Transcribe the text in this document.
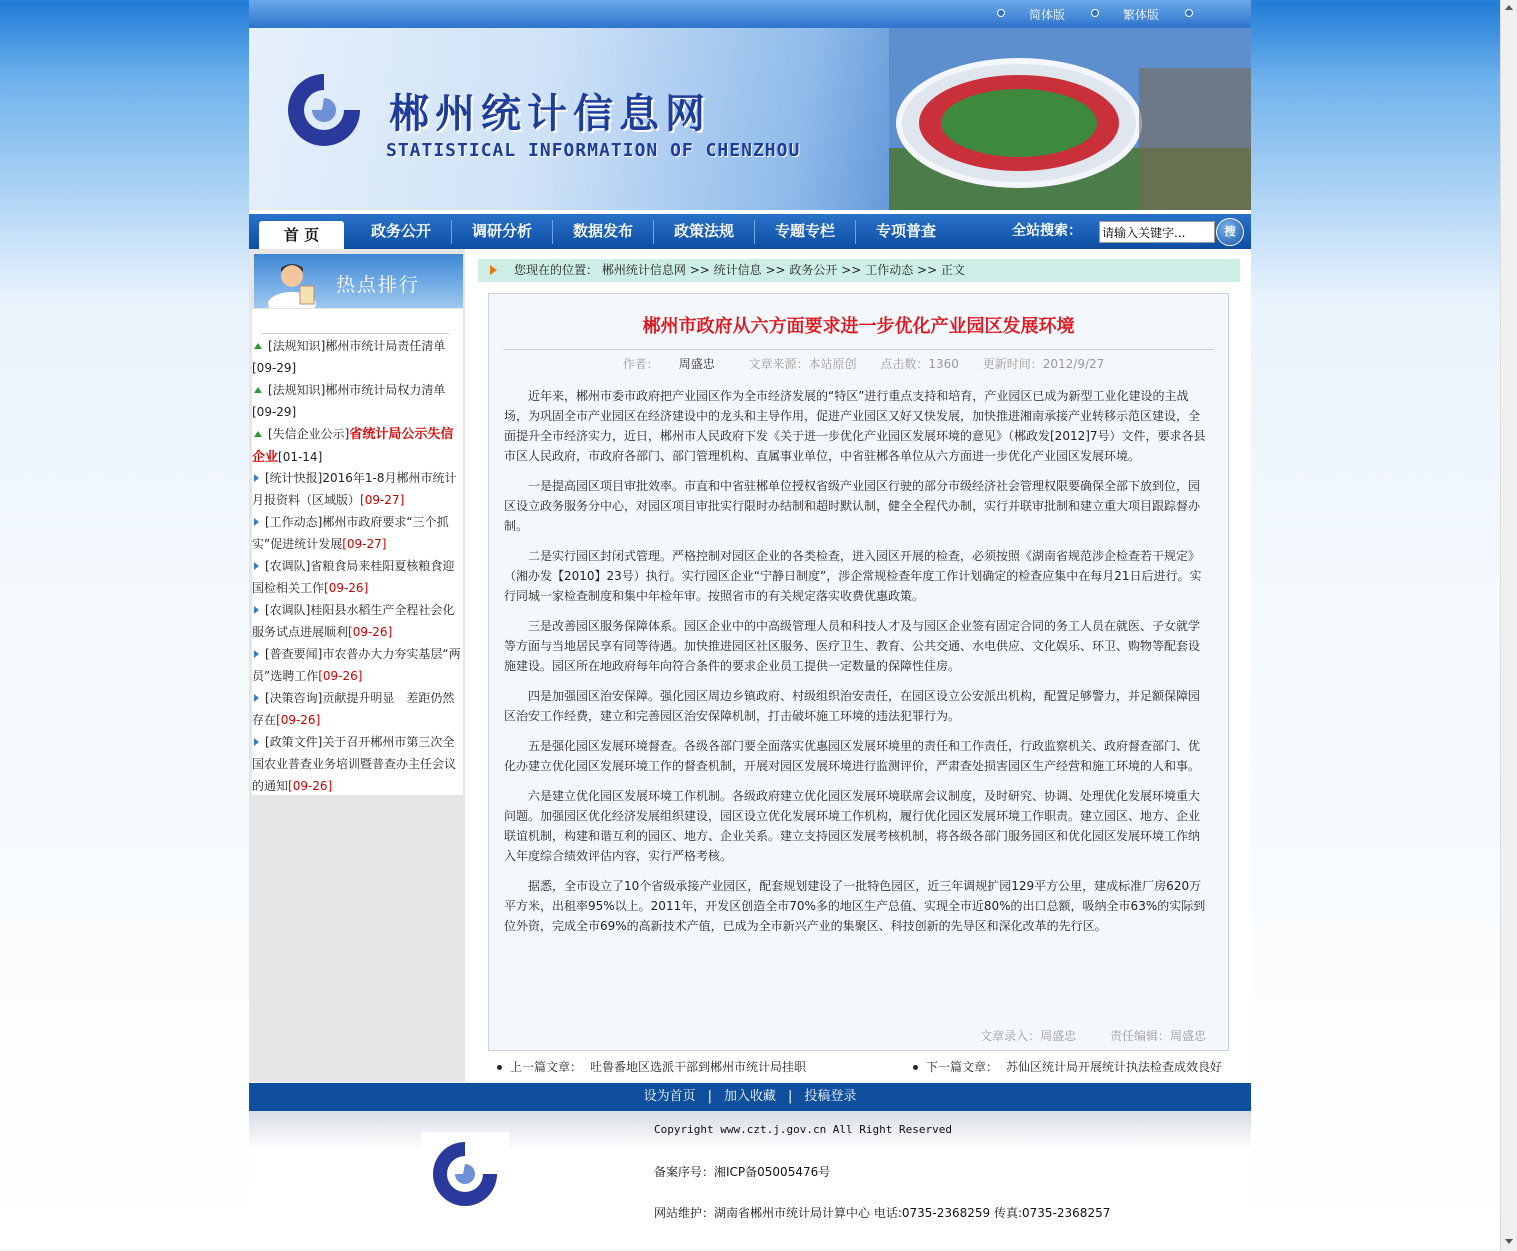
简体版	繁体版
郴州统计信息网
STATISTICAL INFORMATION OF CHENZHOU
首 页	政务公开	调研分析	数据发布	政策法规	专题专栏	专项普查	全站搜索：
请输入关键字...	搜
热点排行
[法规知识]郴州市统计局责任清单
[09-29]
[法规知识]郴州市统计局权力清单
[09-29]
[失信企业公示]省统计局公示失信企业[01-14]
[统计快报]2016年1-8月郴州市统计月报资料（区域版）[09-27]
[工作动态]郴州市政府要求“三个抓实”促进统计发展[09-27]
[农调队]省粮食局来桂阳夏核粮食迎国检相关工作[09-26]
[农调队]桂阳县水稻生产全程社会化服务试点进展顺利[09-26]
[普查要闻]市农普办大力夯实基层“两员”选聘工作[09-26]
[决策咨询]贡献提升明显　差距仍然存在[09-26]
[政策文件]关于召开郴州市第三次全国农业普查业务培训暨普查办主任会议的通知[09-26]
您现在的位置： 郴州统计信息网 >> 统计信息 >> 政务公开 >> 工作动态 >> 正文
郴州市政府从六方面要求进一步优化产业园区发展环境
作者： 周盛忠	文章来源：本站原创 点击数：1360 更新时间：2012/9/27

近年来，郴州市委市政府把产业园区作为全市经济发展的“特区”进行重点支持和培育，产业园区已成为新型工业化建设的主战场，为巩固全市产业园区在经济建设中的龙头和主导作用，促进产业园区又好又快发展，加快推进湘南承接产业转移示范区建设，全面提升全市经济实力，近日，郴州市人民政府下发《关于进一步优化产业园区发展环境的意见》（郴政发[2012]7号）文件，要求各县市区人民政府，市政府各部门、部门管理机构、直属事业单位，中省驻郴各单位从六方面进一步优化产业园区发展环境。

一是提高园区项目审批效率。市直和中省驻郴单位授权省级产业园区行驶的部分市级经济社会管理权限要确保全部下放到位，园区设立政务服务分中心，对园区项目审批实行限时办结制和超时默认制，健全全程代办制，实行并联审批制和建立重大项目跟踪督办制。

二是实行园区封闭式管理。严格控制对园区企业的各类检查，进入园区开展的检查，必须按照《湖南省规范涉企检查若干规定》（湘办发【2010】23号）执行。实行园区企业“宁静日制度”，涉企常规检查年度工作计划确定的检查应集中在每月21日后进行。实行同城一家检查制度和集中年检年审。按照省市的有关规定落实收费优惠政策。

三是改善园区服务保障体系。园区企业中的中高级管理人员和科技人才及与园区企业签有固定合同的务工人员在就医、子女就学等方面与当地居民享有同等待遇。加快推进园区社区服务、医疗卫生、教育、公共交通、水电供应、文化娱乐、环卫、购物等配套设施建设。园区所在地政府每年向符合条件的要求企业员工提供一定数量的保障性住房。

四是加强园区治安保障。强化园区周边乡镇政府、村级组织治安责任，在园区设立公安派出机构，配置足够警力，并足额保障园区治安工作经费，建立和完善园区治安保障机制，打击破坏施工环境的违法犯罪行为。

五是强化园区发展环境督查。各级各部门要全面落实优惠园区发展环境里的责任和工作责任，行政监察机关、政府督查部门、优化办建立优化园区发展环境工作的督查机制，开展对园区发展环境进行监测评价，严肃查处损害园区生产经营和施工环境的人和事。

六是建立优化园区发展环境工作机制。各级政府建立优化园区发展环境联席会议制度，及时研究、协调、处理优化发展环境重大问题。加强园区优化经济发展组织建设，园区设立优化发展环境工作机构，履行优化园区发展环境工作职责。建立园区、地方、企业联谊机制，构建和谐互利的园区、地方、企业关系。建立支持园区发展考核机制，将各级各部门服务园区和优化园区发展环境工作纳入年度综合绩效评估内容，实行严格考核。

据悉，全市设立了10个省级承接产业园区，配套规划建设了一批特色园区，近三年调规扩园129平方公里，建成标准厂房620万平方米，出租率95%以上。2011年，开发区创造全市70%多的地区生产总值、实现全市近80%的出口总额，吸纳全市63%的实际到位外资，完成全市69%的高新技术产值，已成为全市新兴产业的集聚区、科技创新的先导区和深化改革的先行区。

文章录入：周盛忠	责任编辑：周盛忠
上一篇文章： 吐鲁番地区选派干部到郴州市统计局挂职	下一篇文章： 苏仙区统计局开展统计执法检查成效良好
设为首页 | 加入收藏 | 投稿登录
Copyright www.czt.j.gov.cn All Right Reserved
备案序号：湘ICP备05005476号
网站维护：湖南省郴州市统计局计算中心 电话:0735-2368259 传真:0735-2368257
